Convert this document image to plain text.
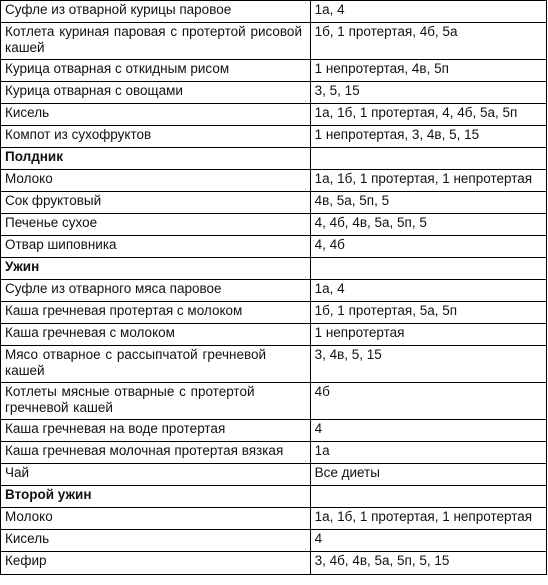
Суфле из отварной курицы паровое	1а, 4

Котлета куриная паровая с протертой рисовой кашей	1б, 1 протертая, 4б, 5а
Курица отварная с откидным рисом	1 непротертая, 4в, 5п
Курица отварная с овощами	3, 5, 15
Кисель	1а, 1б, 1 протертая, 4, 4б, 5а, 5п
Компот из сухофруктов	1 непротертая, 3, 4в, 5, 15
Полдник	
Молоко	1а, 1б, 1 протертая, 1 непротертая
Сок фруктовый	4в, 5а, 5п, 5
Печенье сухое	4, 4б, 4в, 5а, 5п, 5
Отвар шиповника	4, 4б
Ужин	
Суфле из отварного мяса паровое	1а, 4
Каша гречневая протертая с молоком	1б, 1 протертая, 5а, 5п
Каша гречневая с молоком	1 непротертая

Мясо отварное с рассыпчатой гречневой кашей	3, 4в, 5, 15

Котлеты мясные отварные с протертой гречневой кашей	4б
Каша гречневая на воде протертая	4
Каша гречневая молочная протертая вязкая	1а
Чай	Все диеты
Второй ужин	
Молоко	1а, 1б, 1 протертая, 1 непротертая
Кисель	4
Кефир	3, 4б, 4в, 5а, 5п, 5, 15
